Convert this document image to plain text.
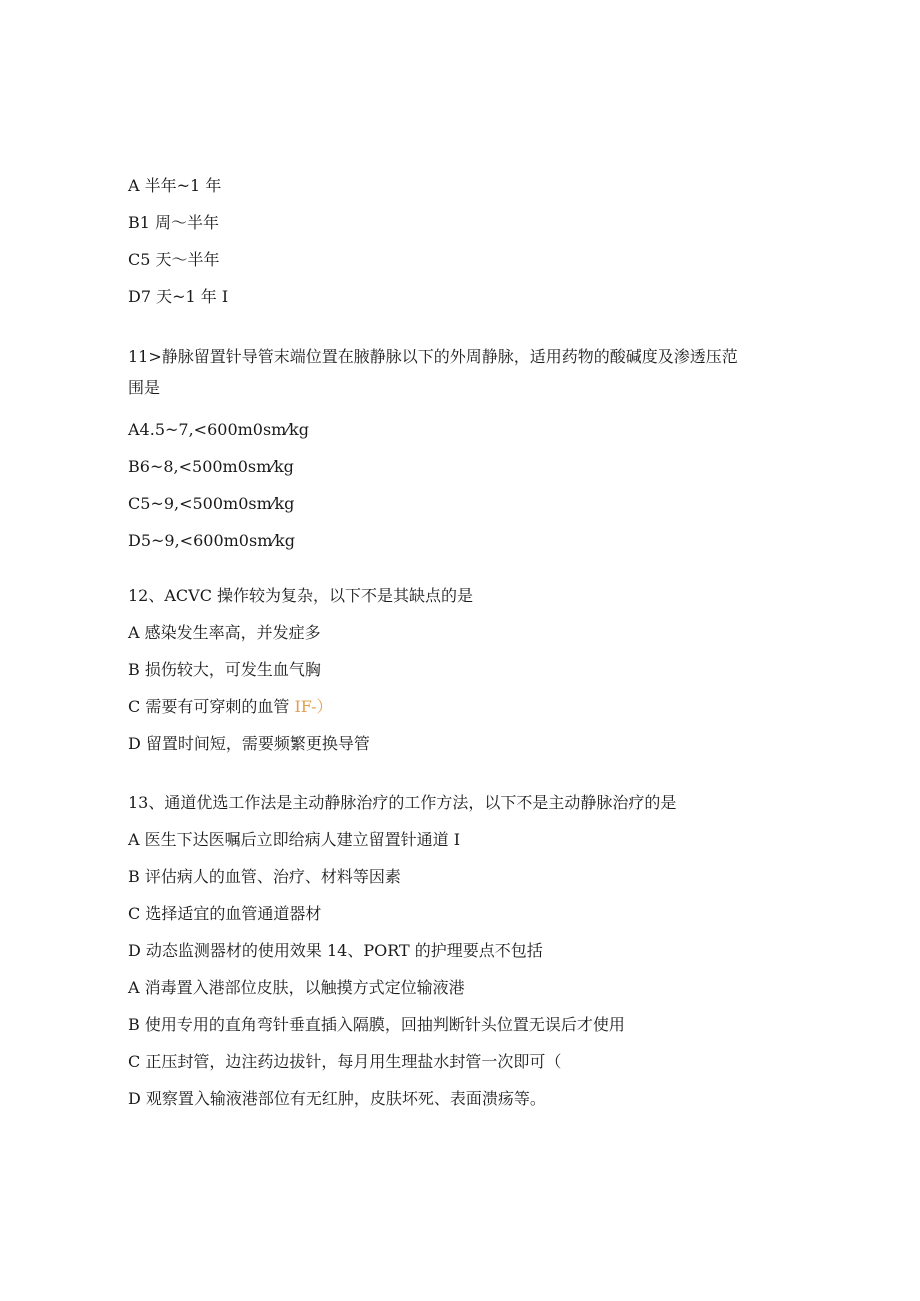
A 半年~1 年
B1 周～半年
C5 天～半年
D7 天~1 年 I
11>静脉留置针导管末端位置在腋静脉以下的外周静脉，适用药物的酸碱度及渗透压范
围是
A4.5~7,<600m0sm⁄kg
B6~8,<500m0sm⁄kg
C5~9,<500m0sm⁄kg
D5~9,<600m0sm⁄kg
12、ACVC 操作较为复杂，以下不是其缺点的是
A 感染发生率高，并发症多
B 损伤较大，可发生血气胸
C 需要有可穿刺的血管 IF-）
D 留置时间短，需要频繁更换导管
13、通道优选工作法是主动静脉治疗的工作方法，以下不是主动静脉治疗的是
A 医生下达医嘱后立即给病人建立留置针通道 I
B 评估病人的血管、治疗、材料等因素
C 选择适宜的血管通道器材
D 动态监测器材的使用效果 14、PORT 的护理要点不包括
A 消毒置入港部位皮肤，以触摸方式定位输液港
B 使用专用的直角弯针垂直插入隔膜，回抽判断针头位置无误后才使用
C 正压封管，边注药边拔针，每月用生理盐水封管一次即可（
D 观察置入输液港部位有无红肿，皮肤坏死、表面溃疡等。
